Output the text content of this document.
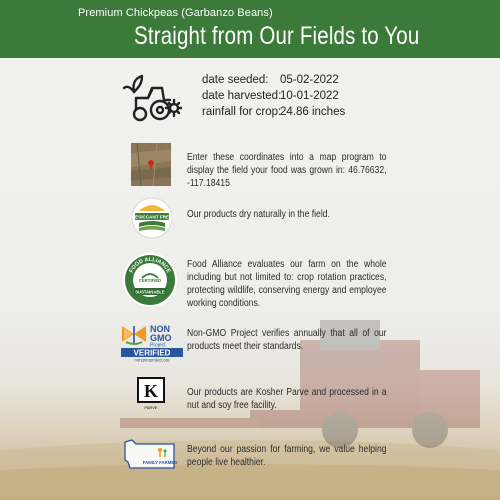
Premium Chickpeas (Garbanzo Beans)
Straight from Our Fields to You
date seeded: 05-02-2022
date harvested:
10-01-2022
rainfall for crop:
24.86 inches
Enter these coordinates into a map program to display the field your food was grown in: 46.76632, -117.18415
DESICCANT FREE Our products dry naturally in the field.
FOOD ALLIANCE
CERTIFIED
SUSTAINABLE
Food Alliance evaluates our farm on the whole including but not limited to: crop rotation practices, protecting wildlife, conserving energy and employee working conditions.
NON
GMO
Project
VERIFIED
nongmoproject.org
Non-GMO Project verifies annually that all of our products meet their standards.
K
PARVE
Our products are Kosher Parve and processed in a nut and soy free facility.
FAMILY FARMED
Beyond our passion for farming, we value helping people live healthier.
